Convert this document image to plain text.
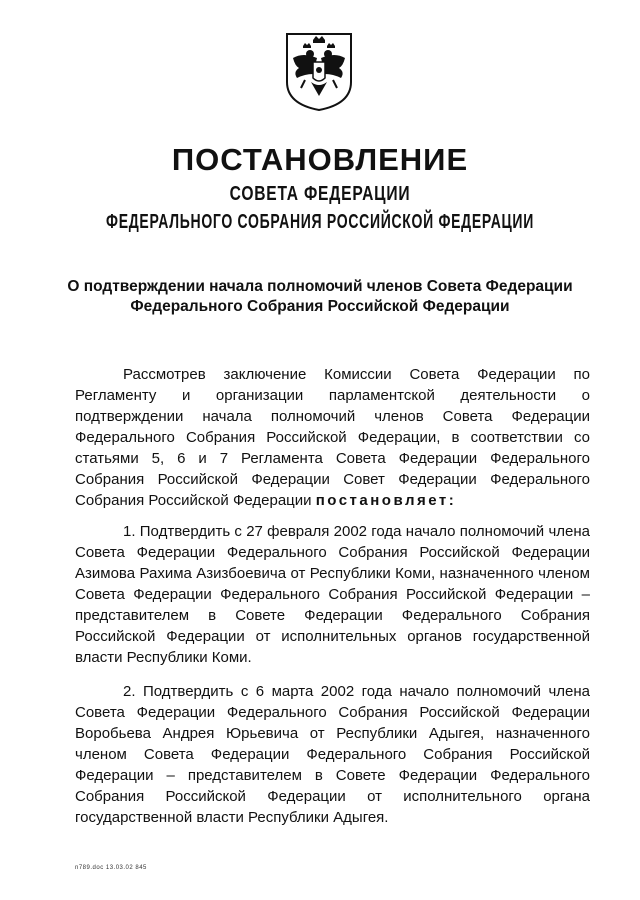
ПОСТАНОВЛЕНИЕ
СОВЕТА ФЕДЕРАЦИИ
ФЕДЕРАЛЬНОГО СОБРАНИЯ РОССИЙСКОЙ ФЕДЕРАЦИИ
О подтверждении начала полномочий членов Совета Федерации
Федерального Собрания Российской Федерации

Рассмотрев заключение Комиссии Совета Федерации по Регламенту и организации парламентской деятельности о подтверждении начала полномочий членов Совета Федерации Федерального Собрания Российской Федерации, в соответствии со статьями 5, 6 и 7 Регламента Совета Федерации Федерального Собрания Российской Федерации Совет Федерации Федерального Собрания Российской Федерации постановляет:

1. Подтвердить с 27 февраля 2002 года начало полномочий члена Совета Федерации Федерального Собрания Российской Федерации Азимова Рахима Азизбоевича от Республики Коми, назначенного членом Совета Федерации Федерального Собрания Российской Федерации – представителем в Совете Федерации Федерального Собрания Российской Федерации от исполнительных органов государственной власти Республики Коми.

2. Подтвердить с 6 марта 2002 года начало полномочий члена Совета Федерации Федерального Собрания Российской Федерации Воробьева Андрея Юрьевича от Республики Адыгея, назначенного членом Совета Федерации Федерального Собрания Российской Федерации – представителем в Совете Федерации Федерального Собрания Российской Федерации от исполнительного органа государственной власти Республики Адыгея.

n789.doc 13.03.02 845
